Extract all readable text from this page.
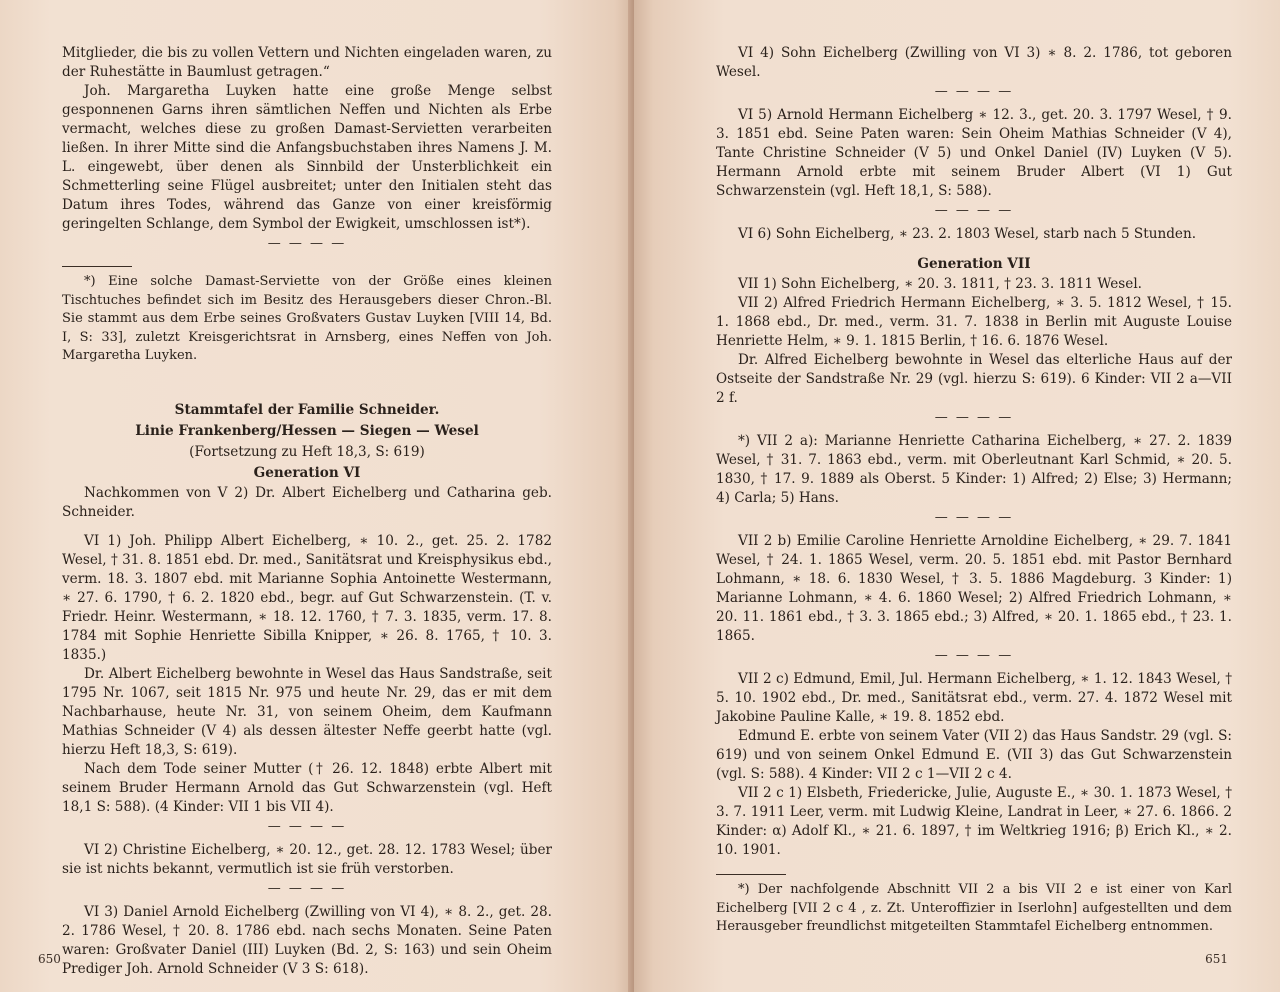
Mitglieder, die bis zu vollen Vettern und Nichten eingeladen waren, zu der Ruhestätte in Baumlust getragen.“

Joh. Margaretha Luyken hatte eine große Menge selbst gesponnenen Garns ihren sämtlichen Neffen und Nichten als Erbe vermacht, welches diese zu großen Damast-Servietten verarbeiten ließen. In ihrer Mitte sind die Anfangsbuchstaben ihres Namens J. M. L. eingewebt, über denen als Sinnbild der Unsterblichkeit ein Schmetterling seine Flügel ausbreitet; unter den Initialen steht das Datum ihres Todes, während das Ganze von einer kreisförmig geringelten Schlange, dem Symbol der Ewigkeit, umschlossen ist*).

— — — —

*) Eine solche Damast-Serviette von der Größe eines kleinen Tischtuches befindet sich im Besitz des Herausgebers dieser Chron.-Bl. Sie stammt aus dem Erbe seines Großvaters Gustav Luyken [VIII 14, Bd. I, S: 33], zuletzt Kreisgerichtsrat in Arnsberg, eines Neffen von Joh. Margaretha Luyken.

Stammtafel der Familie Schneider.
Linie Frankenberg/Hessen — Siegen — Wesel
(Fortsetzung zu Heft 18,3, S: 619)
Generation VI

Nachkommen von V 2) Dr. Albert Eichelberg und Catharina geb. Schneider.

VI 1) Joh. Philipp Albert Eichelberg, ∗ 10. 2., get. 25. 2. 1782 Wesel, † 31. 8. 1851 ebd. Dr. med., Sanitätsrat und Kreisphysikus ebd., verm. 18. 3. 1807 ebd. mit Marianne Sophia Antoinette Westermann, ∗ 27. 6. 1790, † 6. 2. 1820 ebd., begr. auf Gut Schwarzenstein. (T. v. Friedr. Heinr. Westermann, ∗ 18. 12. 1760, † 7. 3. 1835, verm. 17. 8. 1784 mit Sophie Henriette Sibilla Knipper, ∗ 26. 8. 1765, † 10. 3. 1835.)

Dr. Albert Eichelberg bewohnte in Wesel das Haus Sandstraße, seit 1795 Nr. 1067, seit 1815 Nr. 975 und heute Nr. 29, das er mit dem Nachbarhause, heute Nr. 31, von seinem Oheim, dem Kaufmann Mathias Schneider (V 4) als dessen ältester Neffe geerbt hatte (vgl. hierzu Heft 18,3, S: 619).

Nach dem Tode seiner Mutter († 26. 12. 1848) erbte Albert mit seinem Bruder Hermann Arnold das Gut Schwarzenstein (vgl. Heft 18,1 S: 588). (4 Kinder: VII 1 bis VII 4).

— — — —

VI 2) Christine Eichelberg, ∗ 20. 12., get. 28. 12. 1783 Wesel; über sie ist nichts bekannt, vermutlich ist sie früh verstorben.

— — — —

VI 3) Daniel Arnold Eichelberg (Zwilling von VI 4), ∗ 8. 2., get. 28. 2. 1786 Wesel, † 20. 8. 1786 ebd. nach sechs Monaten. Seine Paten waren: Großvater Daniel (III) Luyken (Bd. 2, S: 163) und sein Oheim Prediger Joh. Arnold Schneider (V 3 S: 618).

650

VI 4) Sohn Eichelberg (Zwilling von VI 3) ∗ 8. 2. 1786, tot geboren Wesel.

— — — —

VI 5) Arnold Hermann Eichelberg ∗ 12. 3., get. 20. 3. 1797 Wesel, † 9. 3. 1851 ebd. Seine Paten waren: Sein Oheim Mathias Schneider (V 4), Tante Christine Schneider (V 5) und Onkel Daniel (IV) Luyken (V 5). Hermann Arnold erbte mit seinem Bruder Albert (VI 1) Gut Schwarzenstein (vgl. Heft 18,1, S: 588).

— — — —

VI 6) Sohn Eichelberg, ∗ 23. 2. 1803 Wesel, starb nach 5 Stunden.

Generation VII

VII 1) Sohn Eichelberg, ∗ 20. 3. 1811, † 23. 3. 1811 Wesel.

VII 2) Alfred Friedrich Hermann Eichelberg, ∗ 3. 5. 1812 Wesel, † 15. 1. 1868 ebd., Dr. med., verm. 31. 7. 1838 in Berlin mit Auguste Louise Henriette Helm, ∗ 9. 1. 1815 Berlin, † 16. 6. 1876 Wesel.

Dr. Alfred Eichelberg bewohnte in Wesel das elterliche Haus auf der Ostseite der Sandstraße Nr. 29 (vgl. hierzu S: 619). 6 Kinder: VII 2 a—VII 2 f.

— — — —

*) VII 2 a): Marianne Henriette Catharina Eichelberg, ∗ 27. 2. 1839 Wesel, † 31. 7. 1863 ebd., verm. mit Oberleutnant Karl Schmid, ∗ 20. 5. 1830, † 17. 9. 1889 als Oberst. 5 Kinder: 1) Alfred; 2) Else; 3) Hermann; 4) Carla; 5) Hans.

— — — —

VII 2 b) Emilie Caroline Henriette Arnoldine Eichelberg, ∗ 29. 7. 1841 Wesel, † 24. 1. 1865 Wesel, verm. 20. 5. 1851 ebd. mit Pastor Bernhard Lohmann, ∗ 18. 6. 1830 Wesel, † 3. 5. 1886 Magdeburg. 3 Kinder: 1) Marianne Lohmann, ∗ 4. 6. 1860 Wesel; 2) Alfred Friedrich Lohmann, ∗ 20. 11. 1861 ebd., † 3. 3. 1865 ebd.; 3) Alfred, ∗ 20. 1. 1865 ebd., † 23. 1. 1865.

— — — —

VII 2 c) Edmund, Emil, Jul. Hermann Eichelberg, ∗ 1. 12. 1843 Wesel, † 5. 10. 1902 ebd., Dr. med., Sanitätsrat ebd., verm. 27. 4. 1872 Wesel mit Jakobine Pauline Kalle, ∗ 19. 8. 1852 ebd.

Edmund E. erbte von seinem Vater (VII 2) das Haus Sandstr. 29 (vgl. S: 619) und von seinem Onkel Edmund E. (VII 3) das Gut Schwarzenstein (vgl. S: 588). 4 Kinder: VII 2 c 1—VII 2 c 4.

VII 2 c 1) Elsbeth, Friedericke, Julie, Auguste E., ∗ 30. 1. 1873 Wesel, † 3. 7. 1911 Leer, verm. mit Ludwig Kleine, Landrat in Leer, ∗ 27. 6. 1866. 2 Kinder: α) Adolf Kl., ∗ 21. 6. 1897, † im Weltkrieg 1916; β) Erich Kl., ∗ 2. 10. 1901.

*) Der nachfolgende Abschnitt VII 2 a bis VII 2 e ist einer von Karl Eichelberg [VII 2 c 4 , z. Zt. Unteroffizier in Iserlohn] aufgestellten und dem Herausgeber freundlichst mitgeteilten Stammtafel Eichelberg entnommen.

651
